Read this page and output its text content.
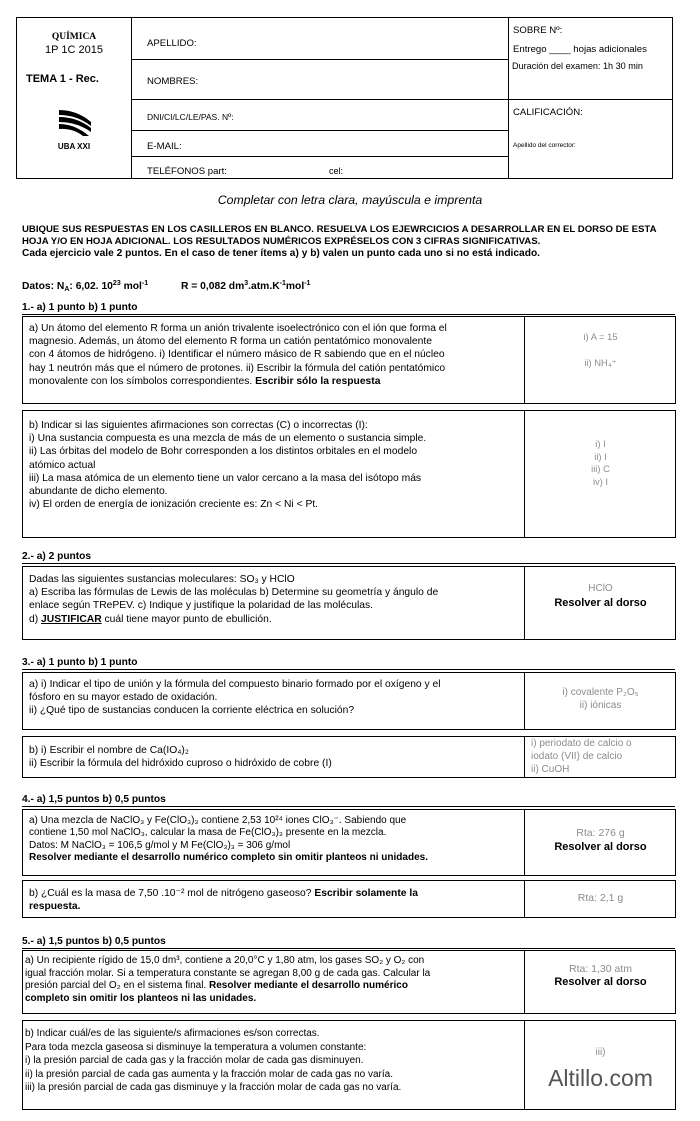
QUÍMICA
1P 1C 2015
TEMA 1 - Rec.
UBA XXI
APELLIDO:
NOMBRES:
DNI/CI/LC/LE/PAS. Nº:
E-MAIL:
TELÉFONOS part:	cel:
SOBRE Nº:
Entrego ____ hojas adicionales
Duración del examen: 1h 30 min
CALIFICACIÓN:
Apellido del corrector:
Completar con letra clara, mayúscula e imprenta
UBIQUE SUS RESPUESTAS EN LOS CASILLEROS EN BLANCO. RESUELVA LOS EJEWRCICIOS A DESARROLLAR EN EL DORSO DE ESTA
HOJA Y/O EN HOJA ADICIONAL. LOS RESULTADOS NUMÉRICOS EXPRÉSELOS CON 3 CIFRAS SIGNIFICATIVAS.
Cada ejercicio vale 2 puntos. En el caso de tener ítems a) y b) valen un punto cada uno si no está indicado.
Datos: $N_A$: 6,02. $10^{23}$ mol$^{-1}$	R = 0,082 $dm^3.atm.K^{-1}mol^{-1}$
1.- a) 1 punto b) 1 punto

a) Un átomo del elemento R forma un anión trivalente isoelectrónico con el ión que forma el

magnesio. Además, un átomo del elemento R forma un catión pentatómico monovalente

con 4 átomos de hidrógeno. i) Identificar el número másico de R sabiendo que en el núcleo

hay 1 neutrón más que el número de protones. ii) Escribir la fórmula del catión pentatómico

monovalente con los símbolos correspondientes. Escribir sólo la respuesta

i) A = 15
ii) NH₄⁺

b) Indicar si las siguientes afirmaciones son correctas (C) o incorrectas (I):

i) Una sustancia compuesta es una mezcla de más de un elemento o sustancia simple.

ii) Las órbitas del modelo de Bohr corresponden a los distintos orbitales en el modelo

atómico actual

iii) La masa atómica de un elemento tiene un valor cercano a la masa del isótopo más

abundante de dicho elemento.

iv) El orden de energía de ionización creciente es: Zn < Ni < Pt.

i) I

ii) I

iii) C

iv) I

2.- a) 2 puntos

Dadas las siguientes sustancias moleculares: SO₃ y HClO

a) Escriba las fórmulas de Lewis de las moléculas b) Determine su geometría y ángulo de

enlace según TRePEV. c) Indique y justifique la polaridad de las moléculas.

d) JUSTIFICAR cuál tiene mayor punto de ebullición.

HClO
Resolver al dorso
3.- a) 1 punto b) 1 punto

a) i) Indicar el tipo de unión y la fórmula del compuesto binario formado por el oxígeno y el

fósforo en su mayor estado de oxidación.

ii) ¿Qué tipo de sustancias conducen la corriente eléctrica en solución?

i) covalente P₂O₅
ii) iónicas

b) i) Escribir el nombre de Ca(IO₄)₂

ii) Escribir la fórmula del hidróxido cuproso o hidróxido de cobre (I)

i) periodato de calcio o

iodato (VII) de calcio

ii) CuOH

4.- a) 1,5 puntos b) 0,5 puntos

a) Una mezcla de NaClO₃ y Fe(ClO₃)₃ contiene 2,53 10²⁴ iones ClO₃⁻. Sabiendo que

contiene 1,50 mol NaClO₃, calcular la masa de Fe(ClO₃)₃ presente en la mezcla.

Datos: M NaClO₃ = 106,5 g/mol y M Fe(ClO₃)₃ = 306 g/mol

Resolver mediante el desarrollo numérico completo sin omitir planteos ni unidades.

Rta: 276 g
Resolver al dorso

b) ¿Cuál es la masa de 7,50 .10⁻² mol de nitrógeno gaseoso? Escribir solamente la

respuesta.

Rta: 2,1 g
5.- a) 1,5 puntos b) 0,5 puntos

a) Un recipiente rígido de 15,0 dm³, contiene a 20,0°C y 1,80 atm, los gases SO₂ y O₂ con

igual fracción molar. Si a temperatura constante se agregan 8,00 g de cada gas. Calcular la

presión parcial del O₂ en el sistema final. Resolver mediante el desarrollo numérico

completo sin omitir los planteos ni las unidades.

Rta: 1,30 atm
Resolver al dorso

b) Indicar cuál/es de las siguiente/s afirmaciones es/son correctas.

Para toda mezcla gaseosa si disminuye la temperatura a volumen constante:

i) la presión parcial de cada gas y la fracción molar de cada gas disminuyen.

ii) la presión parcial de cada gas aumenta y la fracción molar de cada gas no varía.

iii) la presión parcial de cada gas disminuye y la fracción molar de cada gas no varía.

iii)
Altillo.com
